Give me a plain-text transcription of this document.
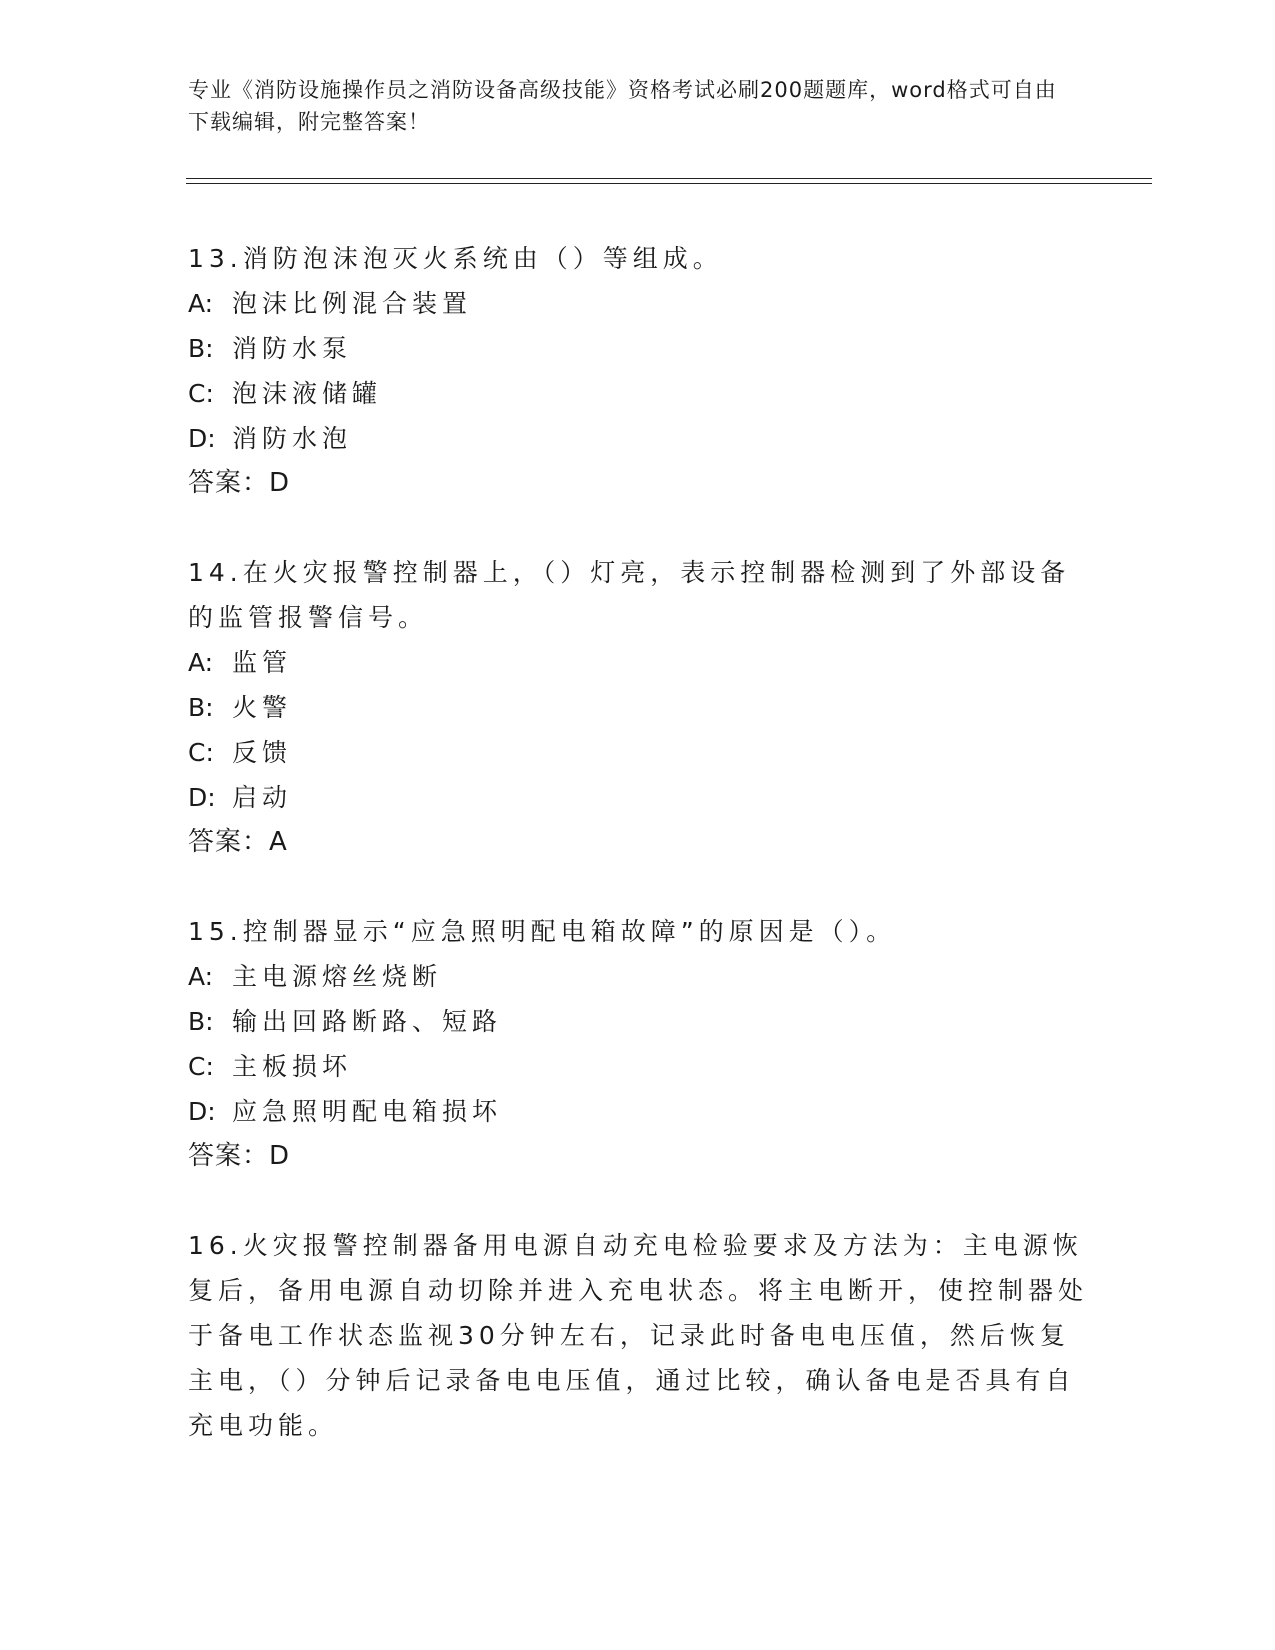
专业《消防设施操作员之消防设备高级技能》资格考试必刷200题题库，word格式可自由下载编辑，附完整答案！
13.消防泡沫泡灭火系统由（）等组成。
A: 泡沫比例混合装置
B: 消防水泵
C: 泡沫液储罐
D: 消防水泡
答案：D
14.在火灾报警控制器上，（）灯亮，表示控制器检测到了外部设备的监管报警信号。
A: 监管
B: 火警
C: 反馈
D: 启动
答案：A
15.控制器显示“应急照明配电箱故障”的原因是（）。
A: 主电源熔丝烧断
B: 输出回路断路、短路
C: 主板损坏
D: 应急照明配电箱损坏
答案：D
16.火灾报警控制器备用电源自动充电检验要求及方法为：主电源恢复后，备用电源自动切除并进入充电状态。将主电断开，使控制器处于备电工作状态监视30分钟左右，记录此时备电电压值，然后恢复主电，（）分钟后记录备电电压值，通过比较，确认备电是否具有自充电功能。
